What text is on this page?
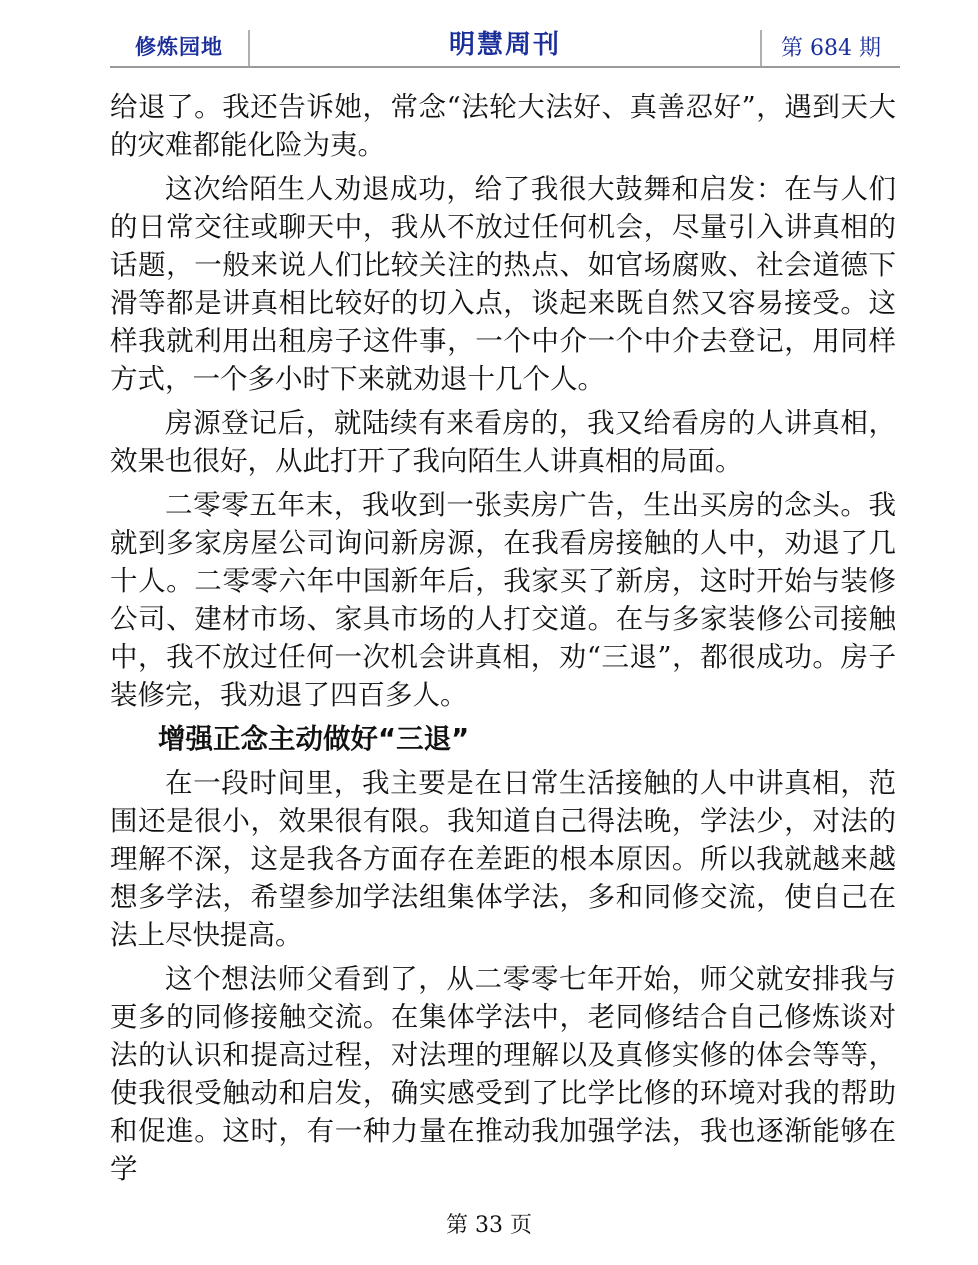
修炼园地	明慧周刊	第 684 期

给退了。我还告诉她，常念“法轮大法好、真善忍好”，遇到天大的灾难都能化险为夷。

这次给陌生人劝退成功，给了我很大鼓舞和启发：在与人们的日常交往或聊天中，我从不放过任何机会，尽量引入讲真相的话题，一般来说人们比较关注的热点、如官场腐败、社会道德下滑等都是讲真相比较好的切入点，谈起来既自然又容易接受。这样我就利用出租房子这件事，一个中介一个中介去登记，用同样方式，一个多小时下来就劝退十几个人。

房源登记后，就陆续有来看房的，我又给看房的人讲真相，效果也很好，从此打开了我向陌生人讲真相的局面。

二零零五年末，我收到一张卖房广告，生出买房的念头。我就到多家房屋公司询问新房源，在我看房接触的人中，劝退了几十人。二零零六年中国新年后，我家买了新房，这时开始与装修公司、建材市场、家具市场的人打交道。在与多家装修公司接触中，我不放过任何一次机会讲真相，劝“三退”，都很成功。房子装修完，我劝退了四百多人。

增强正念主动做好“三退”

在一段时间里，我主要是在日常生活接触的人中讲真相，范围还是很小，效果很有限。我知道自己得法晚，学法少，对法的理解不深，这是我各方面存在差距的根本原因。所以我就越来越想多学法，希望参加学法组集体学法，多和同修交流，使自己在法上尽快提高。

这个想法师父看到了，从二零零七年开始，师父就安排我与更多的同修接触交流。在集体学法中，老同修结合自己修炼谈对法的认识和提高过程，对法理的理解以及真修实修的体会等等，使我很受触动和启发，确实感受到了比学比修的环境对我的帮助和促進。这时，有一种力量在推动我加强学法，我也逐渐能够在学

第 33 页
